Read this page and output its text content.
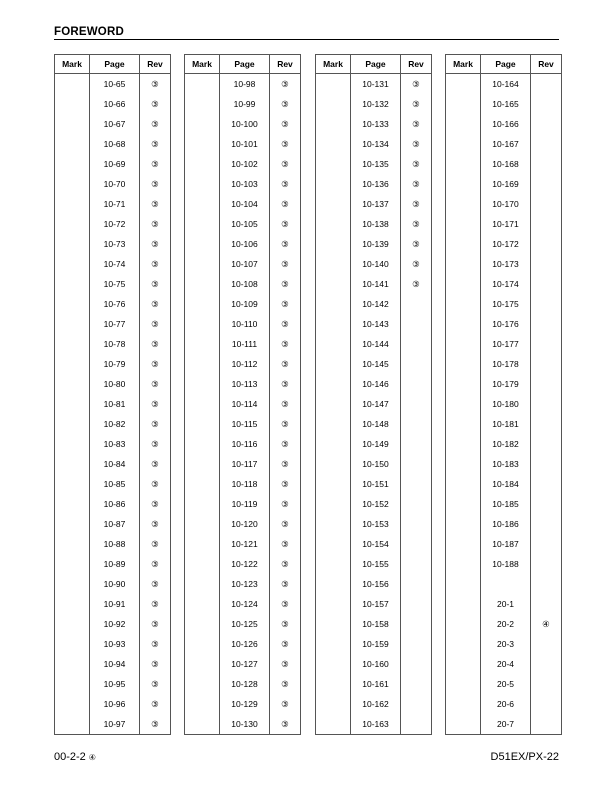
FOREWORD
Mark	Page	Rev
	10-65	③
	10-66	③
	10-67	③
	10-68	③
	10-69	③
	10-70	③
	10-71	③
	10-72	③
	10-73	③
	10-74	③
	10-75	③
	10-76	③
	10-77	③
	10-78	③
	10-79	③
	10-80	③
	10-81	③
	10-82	③
	10-83	③
	10-84	③
	10-85	③
	10-86	③
	10-87	③
	10-88	③
	10-89	③
	10-90	③
	10-91	③
	10-92	③
	10-93	③
	10-94	③
	10-95	③
	10-96	③
	10-97	③
Mark	Page	Rev
	10-98	③
	10-99	③
	10-100	③
	10-101	③
	10-102	③
	10-103	③
	10-104	③
	10-105	③
	10-106	③
	10-107	③
	10-108	③
	10-109	③
	10-110	③
	10-111	③
	10-112	③
	10-113	③
	10-114	③
	10-115	③
	10-116	③
	10-117	③
	10-118	③
	10-119	③
	10-120	③
	10-121	③
	10-122	③
	10-123	③
	10-124	③
	10-125	③
	10-126	③
	10-127	③
	10-128	③
	10-129	③
	10-130	③
Mark	Page	Rev
	10-131	③
	10-132	③
	10-133	③
	10-134	③
	10-135	③
	10-136	③
	10-137	③
	10-138	③
	10-139	③
	10-140	③
	10-141	③
	10-142	
	10-143	
	10-144	
	10-145	
	10-146	
	10-147	
	10-148	
	10-149	
	10-150	
	10-151	
	10-152	
	10-153	
	10-154	
	10-155	
	10-156	
	10-157	
	10-158	
	10-159	
	10-160	
	10-161	
	10-162	
	10-163	
Mark	Page	Rev
	10-164	
	10-165	
	10-166	
	10-167	
	10-168	
	10-169	
	10-170	
	10-171	
	10-172	
	10-173	
	10-174	
	10-175	
	10-176	
	10-177	
	10-178	
	10-179	
	10-180	
	10-181	
	10-182	
	10-183	
	10-184	
	10-185	
	10-186	
	10-187	
	10-188	

	20-1	
	20-2	④
	20-3	
	20-4	
	20-5	
	20-6	
	20-7	
00-2-2 ④	D51EX/PX-22
